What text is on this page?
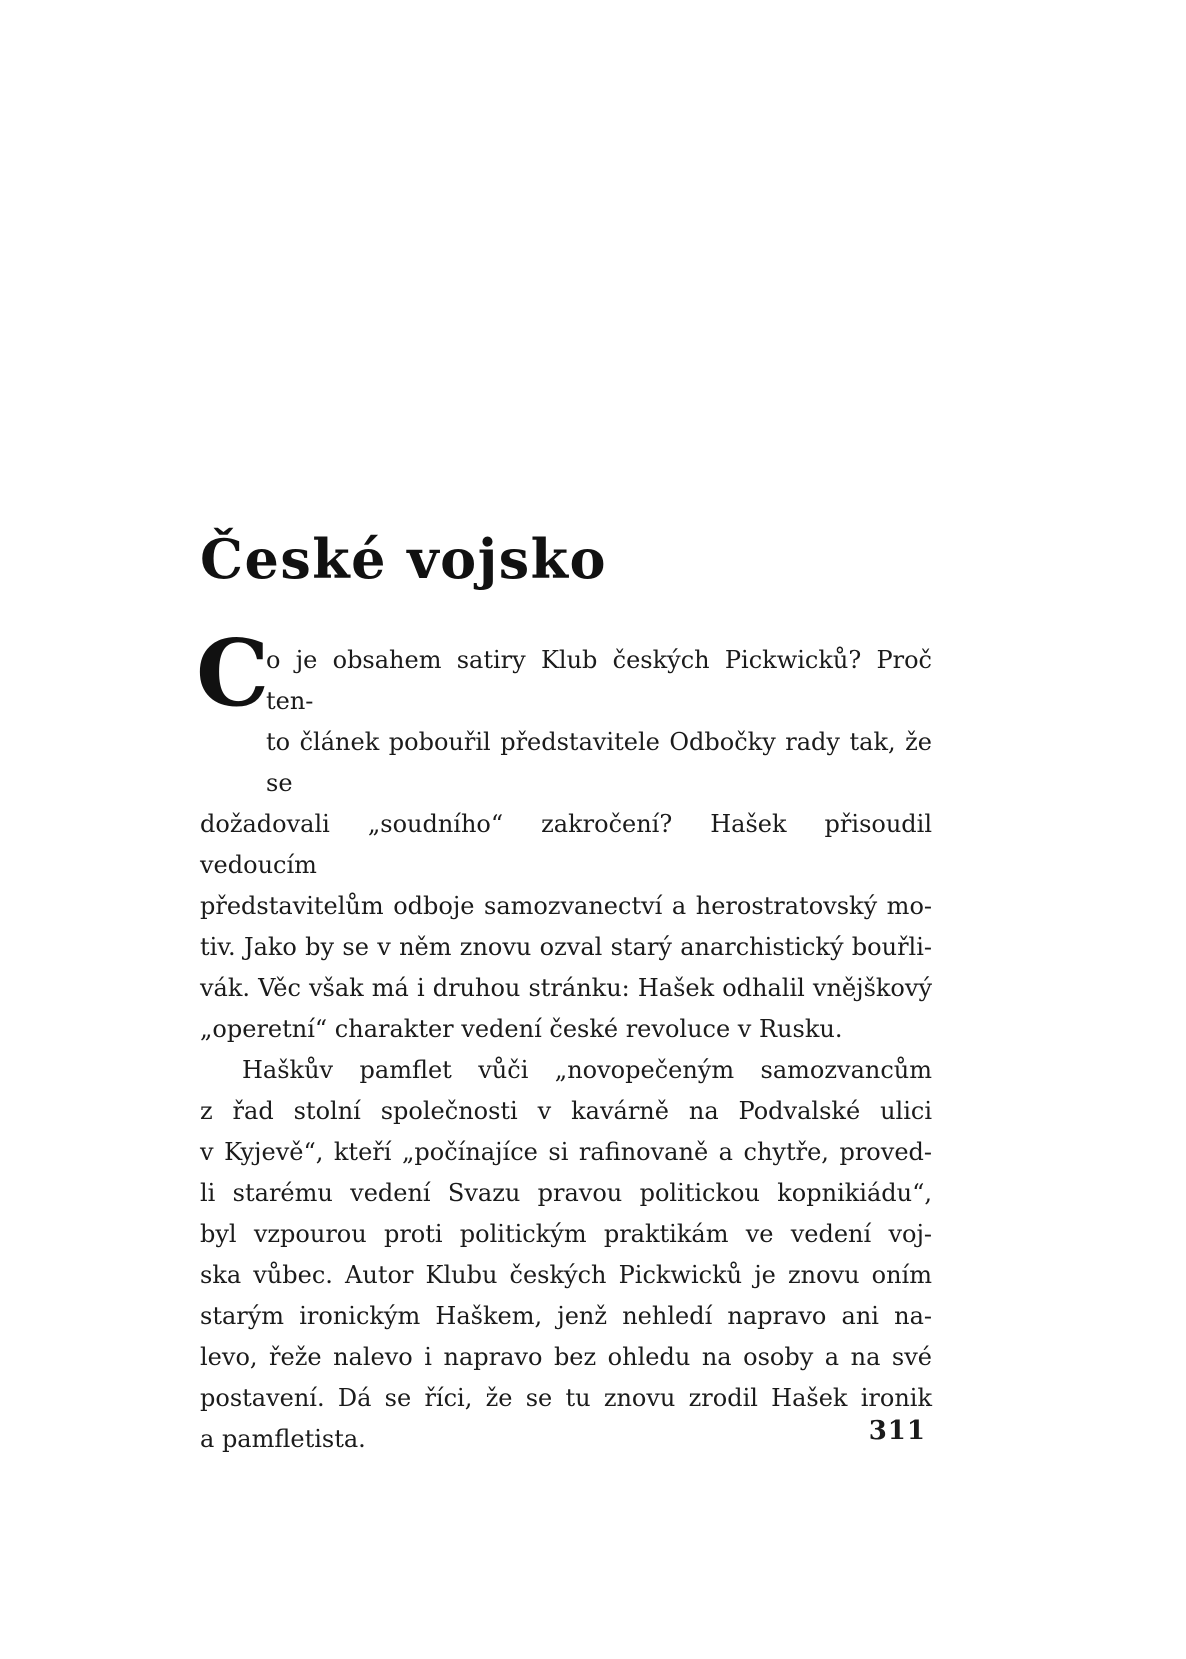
České vojsko
C
o je obsahem satiry Klub českých Pickwicků? Proč ten-
to článek pobouřil představitele Odbočky rady tak, že se
dožadovali „soudního“ zakročení? Hašek přisoudil vedoucím
představitelům odboje samozvanectví a herostratovský mo-
tiv. Jako by se v něm znovu ozval starý anarchistický bouřli-
vák. Věc však má i druhou stránku: Hašek odhalil vnějškový
„operetní“ charakter vedení české revoluce v Rusku.
Haškův pamflet vůči „novopečeným samozvancům
z řad stolní společnosti v kavárně na Podvalské ulici
v Kyjevě“, kteří „počínajíce si rafinovaně a chytře, proved-
li starému vedení Svazu pravou politickou kopnikiádu“,
byl vzpourou proti politickým praktikám ve vedení voj-
ska vůbec. Autor Klubu českých Pickwicků je znovu oním
starým ironickým Haškem, jenž nehledí napravo ani na-
levo, řeže nalevo i napravo bez ohledu na osoby a na své
postavení. Dá se říci, že se tu znovu zrodil Hašek ironik
a pamfletista.	311
